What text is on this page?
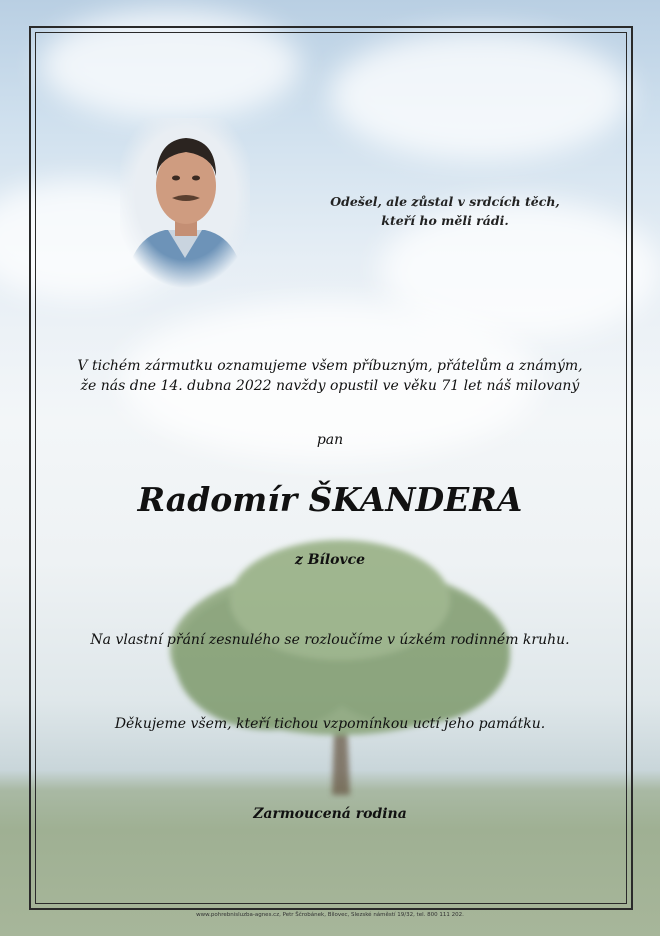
Odešel, ale zůstal v srdcích těch,
kteří ho měli rádi.
V tichém zármutku oznamujeme všem příbuzným, přátelům a známým,
že nás dne 14. dubna 2022 navždy opustil ve věku 71 let náš milovaný
pan
Radomír ŠKANDERA
z Bílovce
Na vlastní přání zesnulého se rozloučíme v úzkém rodinném kruhu.
Děkujeme všem, kteří tichou vzpomínkou uctí jeho památku.
Zarmoucená rodina
www.pohrebnisluzba-agnes.cz, Petr Ščrobánek, Bílovec, Slezské náměstí 19/32, tel. 800 111 202.
